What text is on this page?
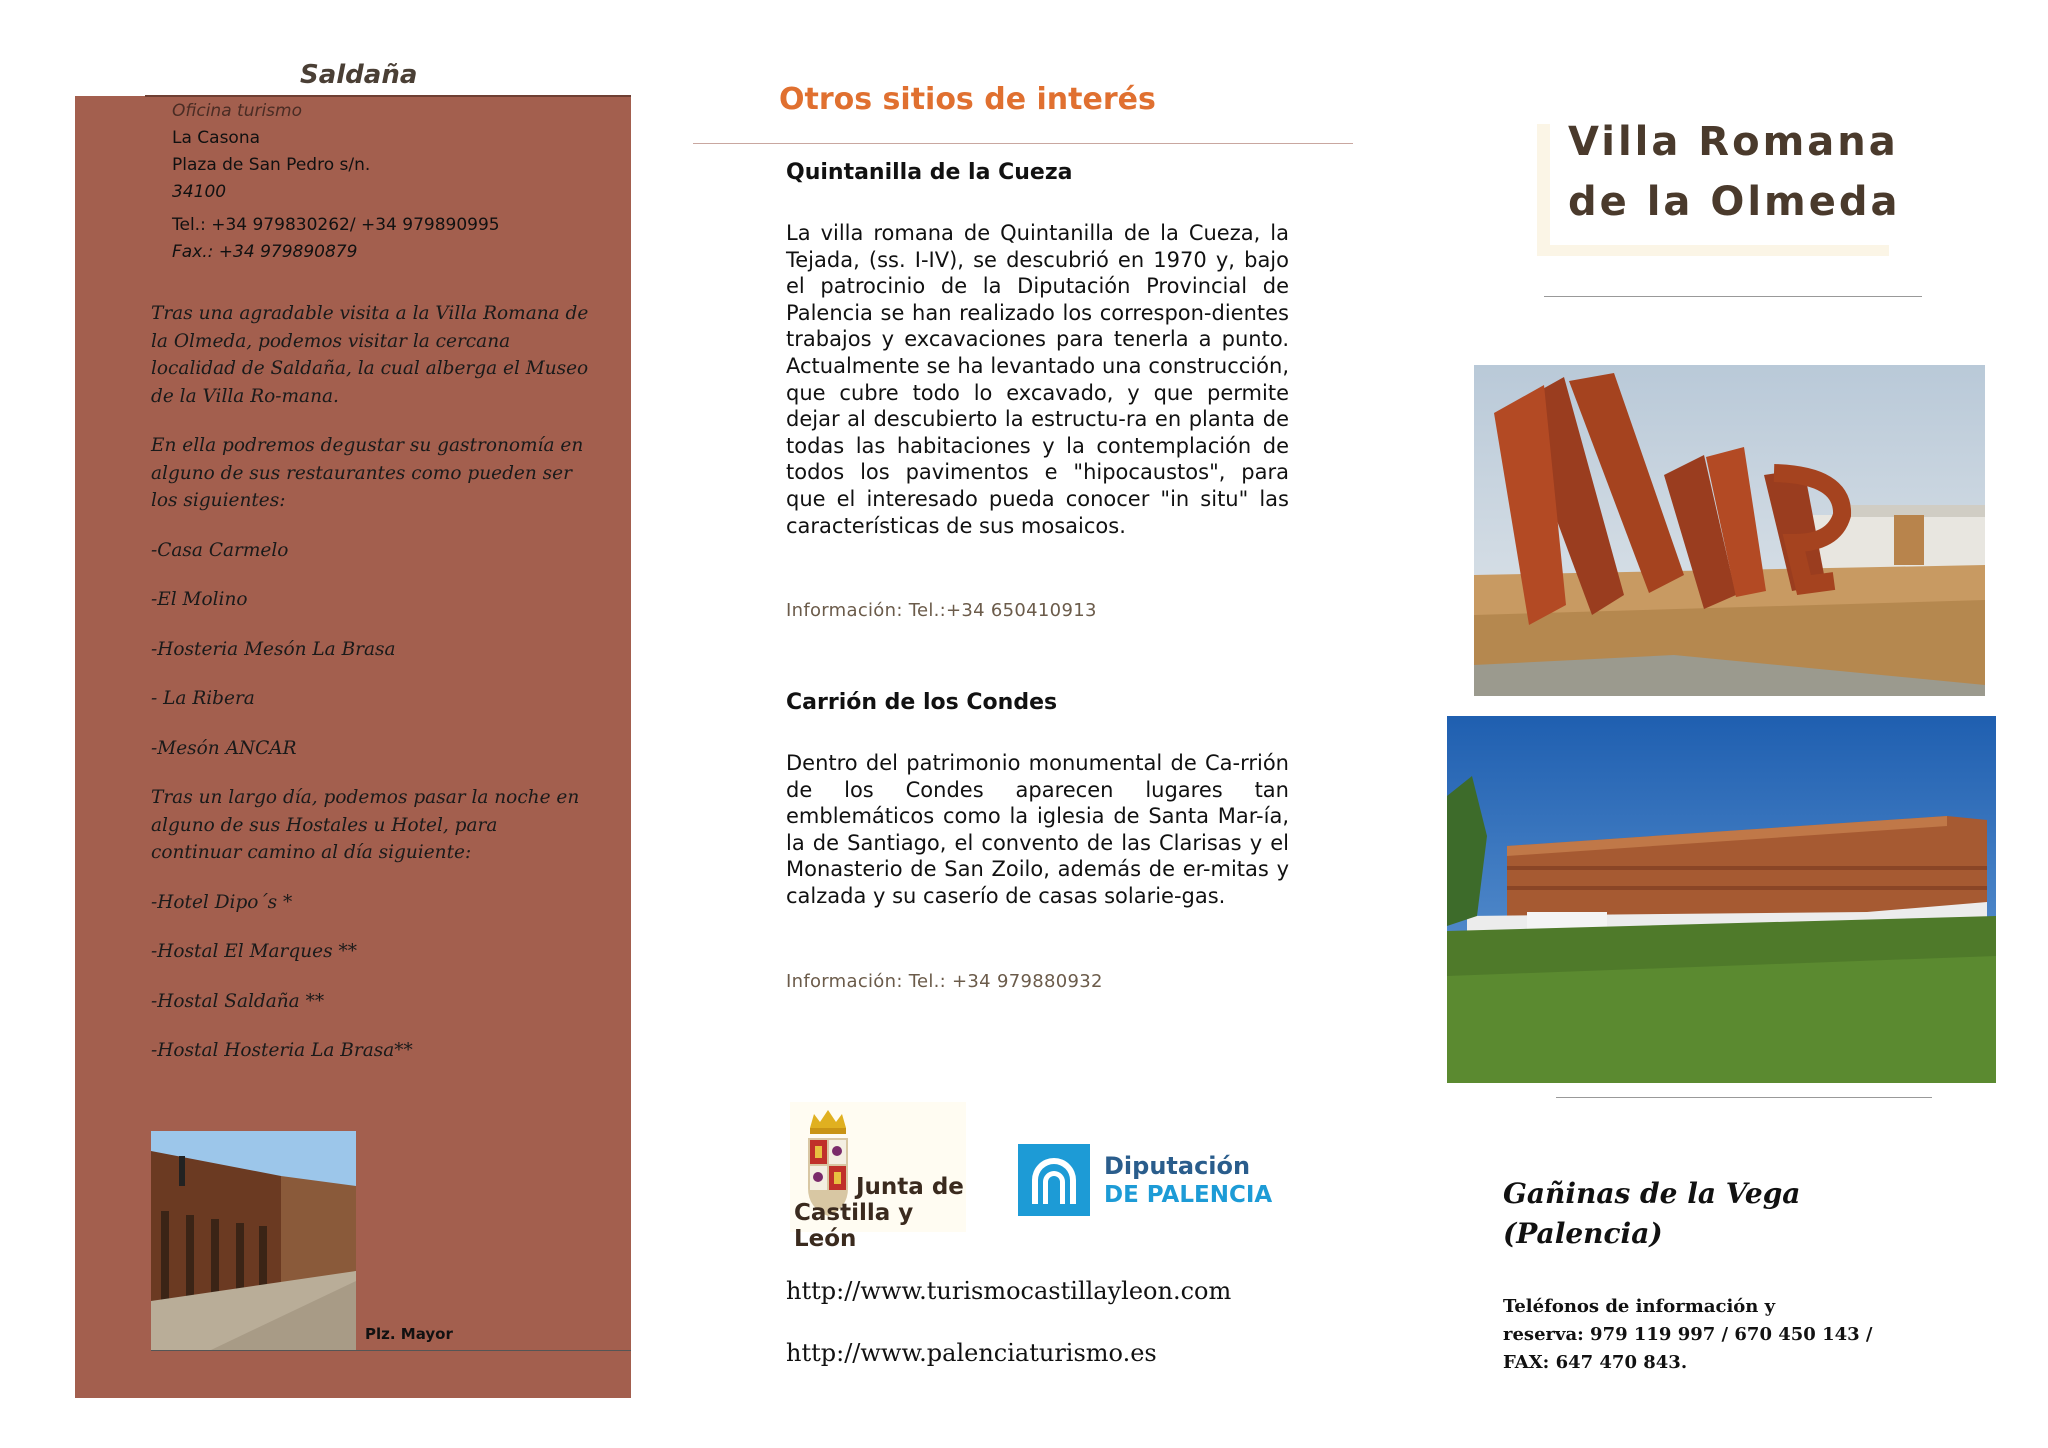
Saldaña
Oficina turismo
La Casona
Plaza de San Pedro s/n.
34100
Tel.: +34 979830262/ +34 979890995
Fax.: +34 979890879

Tras una agradable visita a la Villa Romana de la Olmeda, podemos visitar la cercana localidad de Saldaña, la cual alberga el Museo de la Villa Ro-mana.

En ella podremos degustar su gastronomía en alguno de sus restaurantes como pueden ser los siguientes:

-Casa Carmelo

-El Molino

-Hosteria Mesón La Brasa

- La Ribera

-Mesón ANCAR

Tras un largo día, podemos pasar la noche en alguno de sus Hostales u Hotel, para continuar camino al día siguiente:

-Hotel Dipo´s *

-Hostal El Marques **

-Hostal Saldaña **

-Hostal Hosteria La Brasa**

Plz. Mayor
Otros sitios de interés
Quintanilla de la Cueza
La villa romana de Quintanilla de la Cueza, la Tejada, (ss. I-IV), se descubrió en 1970 y, bajo el patrocinio de la Diputación Provincial de Palencia se han realizado los correspon-dientes trabajos y excavaciones para tenerla a punto. Actualmente se ha levantado una construcción, que cubre todo lo excavado, y que permite dejar al descubierto la estructu-ra en planta de todas las habitaciones y la contemplación de todos los pavimentos e "hipocaustos", para que el interesado pueda conocer "in situ" las características de sus mosaicos.
Información: Tel.:+34 650410913
Carrión de los Condes
Dentro del patrimonio monumental de Ca-rrión de los Condes aparecen lugares tan emblemáticos como la iglesia de Santa Mar-ía, la de Santiago, el convento de las Clarisas y el Monasterio de San Zoilo, además de er-mitas y calzada y su caserío de casas solarie-gas.
Información: Tel.: +34 979880932
Junta de
Castilla y León
Diputación
DE PALENCIA
http://www.turismocastillayleon.com
http://www.palenciaturismo.es
Villa Romana
de la Olmeda
Gañinas de la Vega
(Palencia)
Teléfonos de información y
reserva: 979 119 997 / 670 450 143 /
FAX: 647 470 843.
